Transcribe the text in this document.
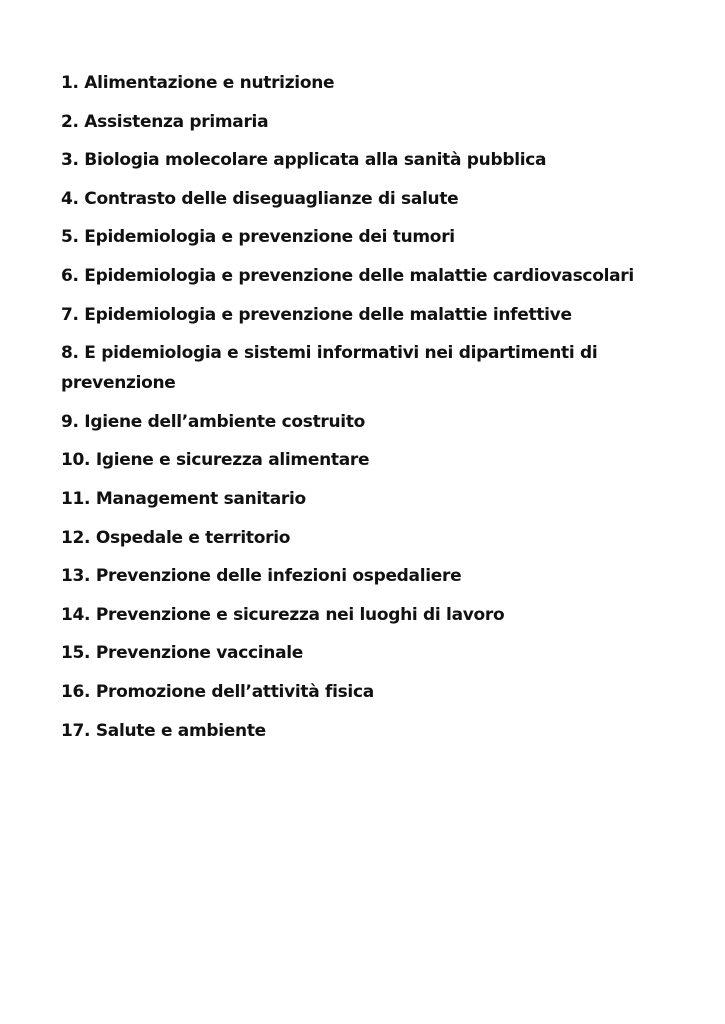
1. Alimentazione e nutrizione
2. Assistenza primaria
3. Biologia molecolare applicata alla sanità pubblica
4. Contrasto delle diseguaglianze di salute
5. Epidemiologia e prevenzione dei tumori
6. Epidemiologia e prevenzione delle malattie cardiovascolari
7. Epidemiologia e prevenzione delle malattie infettive
8. E pidemiologia e sistemi informativi nei dipartimenti di prevenzione
9. Igiene dell’ambiente costruito
10. Igiene e sicurezza alimentare
11. Management sanitario
12. Ospedale e territorio
13. Prevenzione delle infezioni ospedaliere
14. Prevenzione e sicurezza nei luoghi di lavoro
15. Prevenzione vaccinale
16. Promozione dell’attività fisica
17. Salute e ambiente
